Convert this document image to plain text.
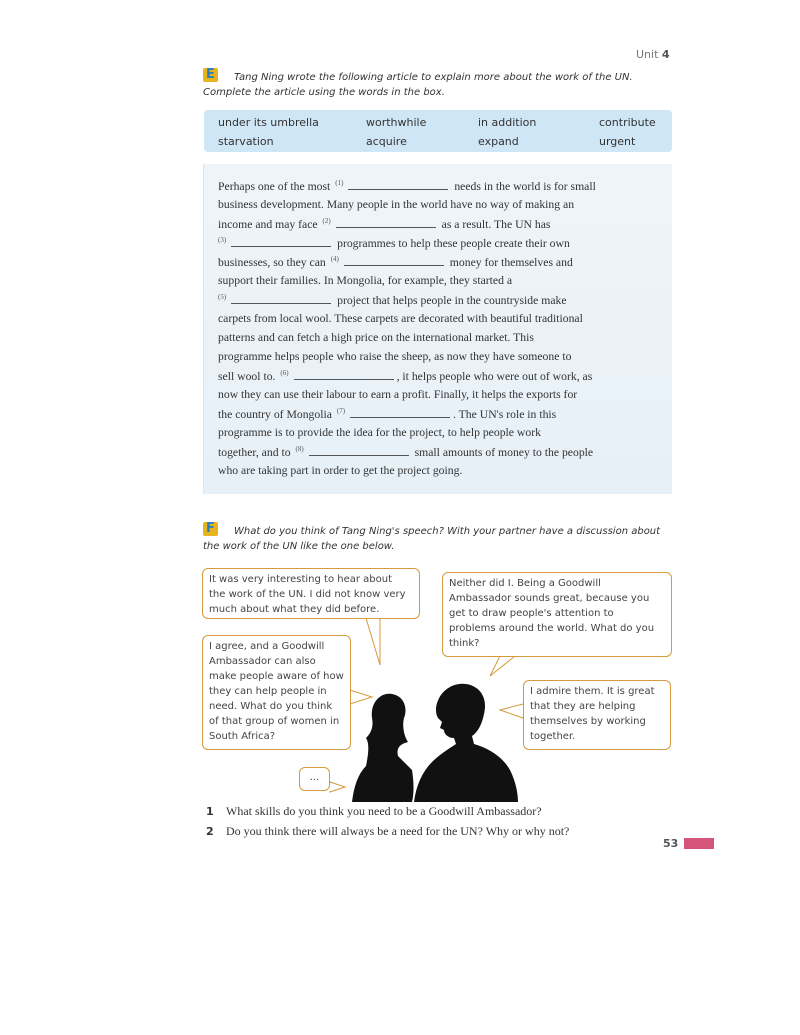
Unit 4
E	Tang Ning wrote the following article to explain more about the work of the UN.
Complete the article using the words in the box.
under its umbrella	worthwhile	in addition	contribute
starvation	acquire	expand	urgent
Perhaps one of the most $^{(1)}$	needs in the world is for small
business development. Many people in the world have no way of making an
income and may face $^{(2)}$	as a result. The UN has
$^{(3)}$	programmes to help these people create their own
businesses, so they can $^{(4)}$	money for themselves and
support their families. In Mongolia, for example, they started a
$^{(5)}$	project that helps people in the countryside make
carpets from local wool. These carpets are decorated with beautiful traditional
patterns and can fetch a high price on the international market. This
programme helps people who raise the sheep, as now they have someone to
sell wool to. $^{(6)}$	, it helps people who were out of work, as
now they can use their labour to earn a profit. Finally, it helps the exports for
the country of Mongolia $^{(7)}$	. The UN's role in this
programme is to provide the idea for the project, to help people work
together, and to $^{(8)}$	small amounts of money to the people
who are taking part in order to get the project going.
F	What do you think of Tang Ning's speech? With your partner have a discussion about
the work of the UN like the one below.
It was very interesting to hear about
the work of the UN. I did not know very
much about what they did before.
Neither did I. Being a Goodwill
Ambassador sounds great, because you
get to draw people's attention to
problems around the world. What do you
think?
I agree, and a Goodwill
Ambassador can also
make people aware of how
they can help people in
need. What do you think
of that group of women in
South Africa?
I admire them. It is great
that they are helping
themselves by working
together.
...
1 What skills do you think you need to be a Goodwill Ambassador?
2 Do you think there will always be a need for the UN? Why or why not?
53
